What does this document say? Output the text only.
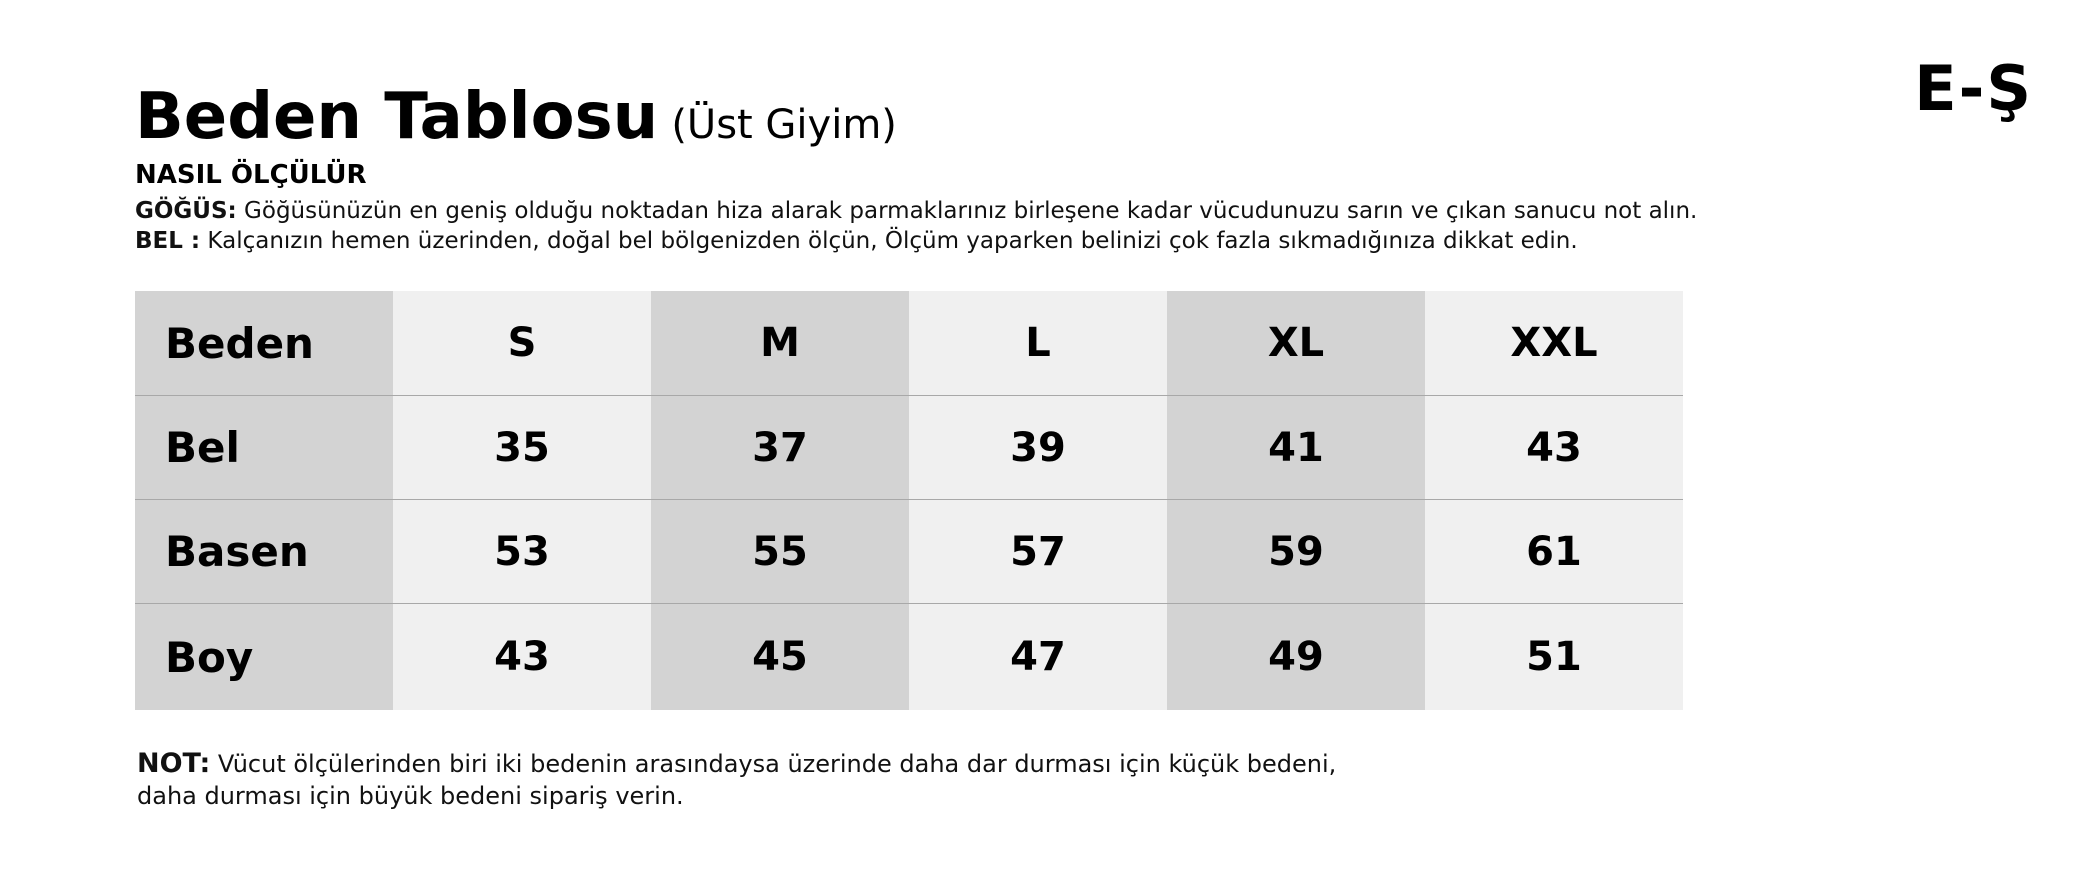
E-Ş
Beden Tablosu (Üst Giyim)
NASIL ÖLÇÜLÜR
GÖĞÜS: Göğüsünüzün en geniş olduğu noktadan hiza alarak parmaklarınız birleşene kadar vücudunuzu sarın ve çıkan sanucu not alın.
BEL : Kalçanızın hemen üzerinden, doğal bel bölgenizden ölçün, Ölçüm yaparken belinizi çok fazla sıkmadığınıza dikkat edin.
Beden	S	M	L	XL	XXL
Bel	35	37	39	41	43
Basen	53	55	57	59	61
Boy	43	45	47	49	51
NOT: Vücut ölçülerinden biri iki bedenin arasındaysa üzerinde daha dar durması için küçük bedeni,
daha durması için büyük bedeni sipariş verin.
